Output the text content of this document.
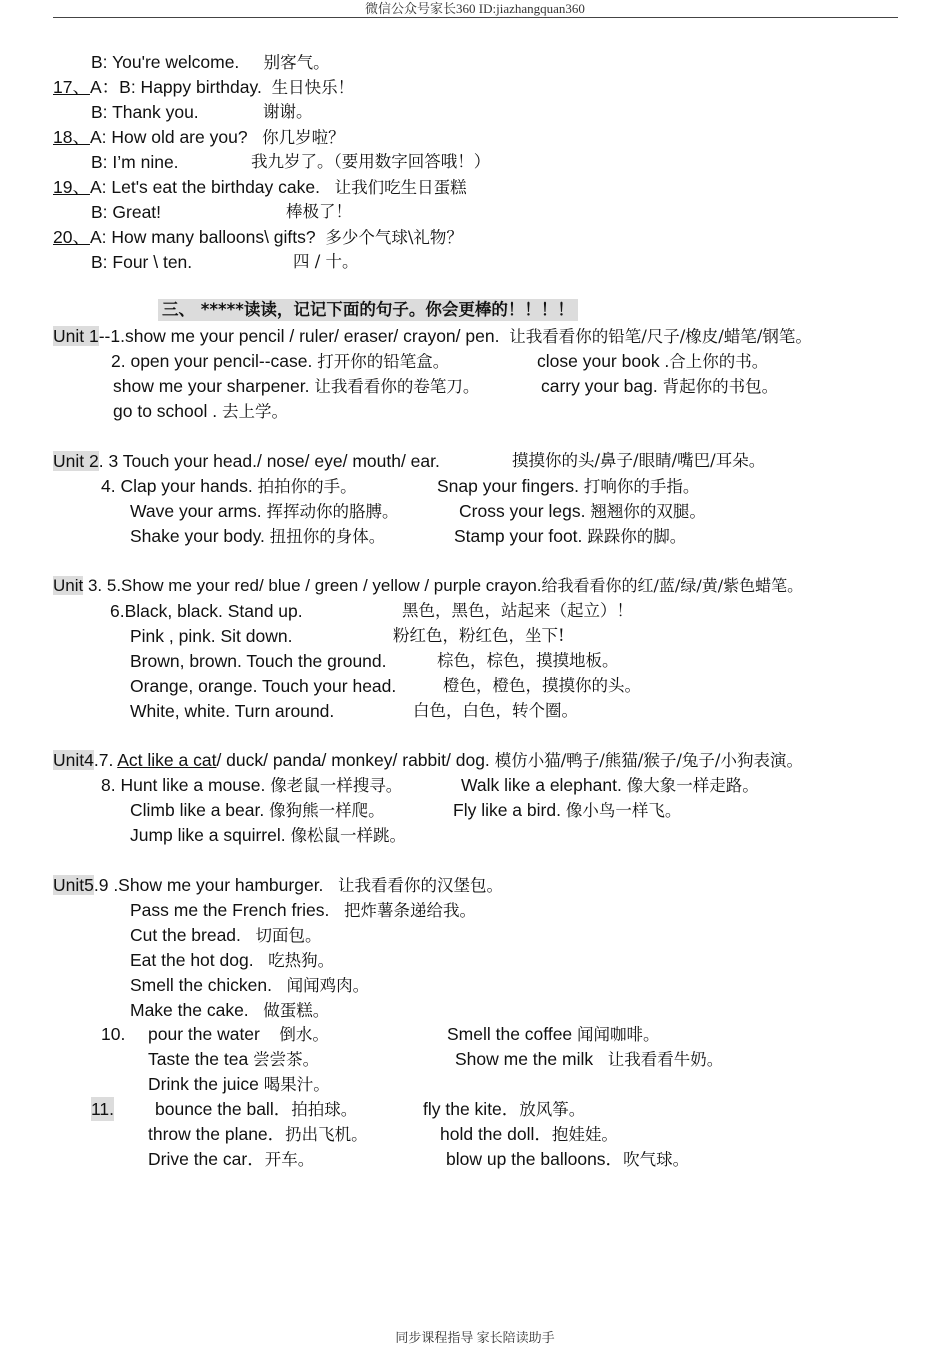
微信公众号家长360 ID:jiazhangquan360
B: You're welcome. 别客气。
17、A：B: Happy birthday. 生日快乐！
B: Thank you.	谢谢。
18、A: How old are you? 你几岁啦？
B: I’m nine.	我九岁了。（要用数字回答哦！）
19、A: Let's eat the birthday cake. 让我们吃生日蛋糕
B: Great!	棒极了！
20、A: How many balloons\ gifts? 多少个气球\礼物？
B: Four \ ten.	四 / 十。
三、 *****读读，记记下面的句子。你会更棒的！！！！
Unit 1--1.show me your pencil / ruler/ eraser/ crayon/ pen. 让我看看你的铅笔/尺子/橡皮/蜡笔/钢笔。
2. open your pencil--case. 打开你的铅笔盒。	close your book .合上你的书。
show me your sharpener. 让我看看你的卷笔刀。	carry your bag. 背起你的书包。
go to school . 去上学。
Unit 2. 3 Touch your head./ nose/ eye/ mouth/ ear.	摸摸你的头/鼻子/眼睛/嘴巴/耳朵。
4. Clap your hands. 拍拍你的手。	Snap your fingers. 打响你的手指。
Wave your arms. 挥挥动你的胳膊。	Cross your legs. 翘翘你的双腿。
Shake your body. 扭扭你的身体。	Stamp your foot. 跺跺你的脚。
Unit 3. 5.Show me your red/ blue / green / yellow / purple crayon.给我看看你的红/蓝/绿/黄/紫色蜡笔。
6.Black, black. Stand up.	黑色，黑色，站起来（起立）！
Pink , pink. Sit down.	粉红色，粉红色，坐下!
Brown, brown. Touch the ground.	棕色，棕色，摸摸地板。
Orange, orange. Touch your head.	橙色，橙色，摸摸你的头。
White, white. Turn around.	白色，白色，转个圈。
Unit4.7. Act like a cat/ duck/ panda/ monkey/ rabbit/ dog. 模仿小猫/鸭子/熊猫/猴子/兔子/小狗表演。
8. Hunt like a mouse. 像老鼠一样搜寻。	Walk like a elephant. 像大象一样走路。
Climb like a bear. 像狗熊一样爬。	Fly like a bird. 像小鸟一样飞。
Jump like a squirrel. 像松鼠一样跳。
Unit5.9 .Show me your hamburger. 让我看看你的汉堡包。
Pass me the French fries. 把炸薯条递给我。
Cut the bread. 切面包。
Eat the hot dog. 吃热狗。
Smell the chicken. 闻闻鸡肉。
Make the cake. 做蛋糕。
10. pour the water 倒水。	Smell the coffee 闻闻咖啡。
Taste the tea 尝尝茶。	Show me the milk 让我看看牛奶。
Drink the juice 喝果汁。
11. bounce the ball．拍拍球。	fly the kite．放风筝。
throw the plane．扔出飞机。	hold the doll．抱娃娃。
Drive the car．开车。	blow up the balloons．吹气球。
同步课程指导 家长陪读助手
